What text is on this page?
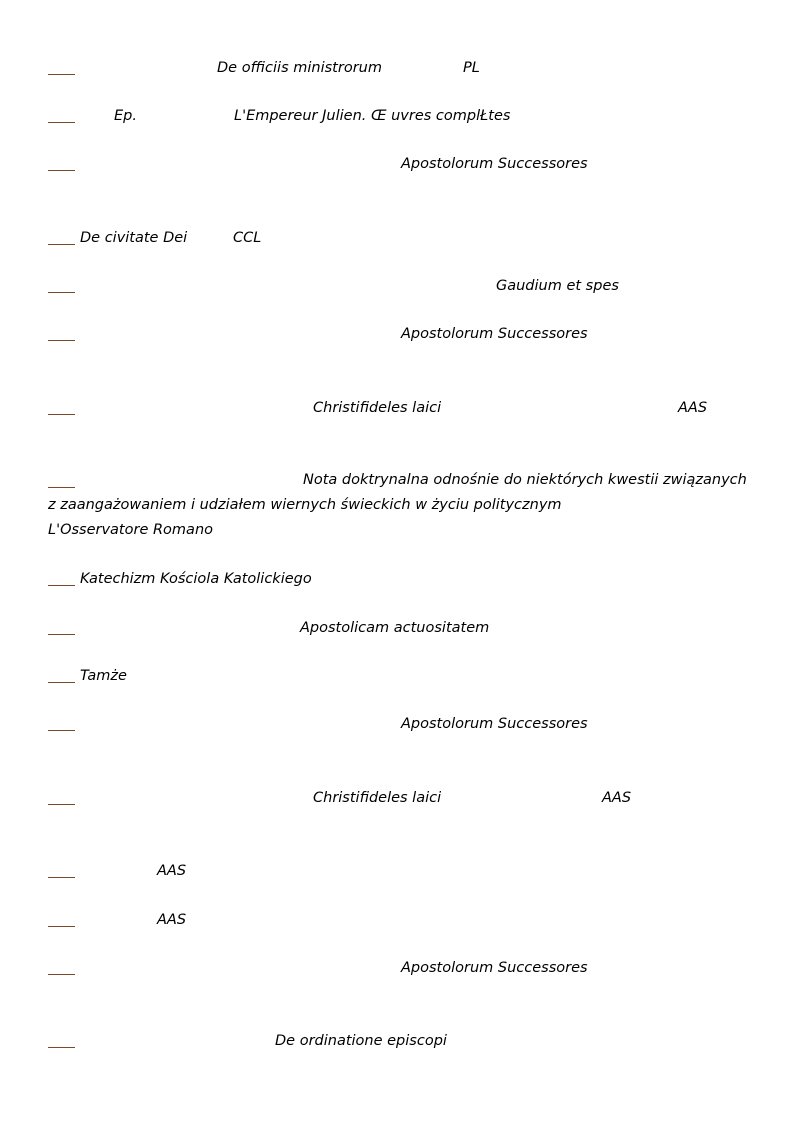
De officiis ministrorum	PL
Ep.	L'Empereur Julien. Œ uvres complŁtes
Apostolorum Successores
De civitate Dei	CCL
Gaudium et spes
Apostolorum Successores
Christifideles laici	AAS
Nota doktrynalna odnośnie do niektórych kwestii związanych z zaangażowaniem i udziałem wiernych świeckich w życiu politycznym
L'Osservatore Romano
Katechizm Kościola Katolickiego
Apostolicam actuositatem
Tamże
Apostolorum Successores
Christifideles laici	AAS
AAS
AAS
Apostolorum Successores
De ordinatione episcopi
